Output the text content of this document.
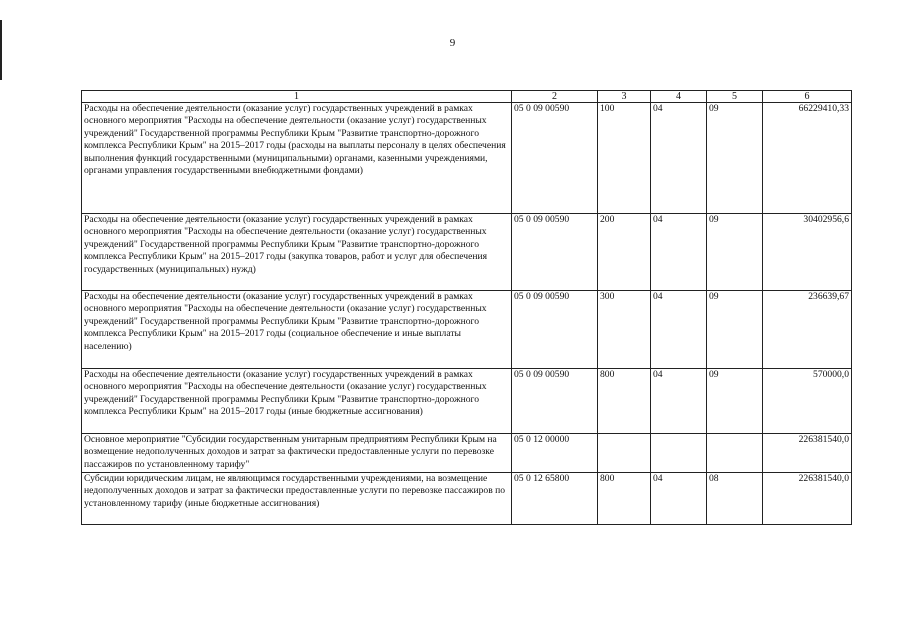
9
1	2	3	4	5	6
Расходы на обеспечение деятельности (оказание услуг) государственных учреждений в рамках основного мероприятия "Расходы на обеспечение деятельности (оказание услуг) государственных учреждений" Государственной программы Республики Крым "Развитие транспортно-дорожного комплекса Республики Крым" на 2015–2017 годы (расходы на выплаты персоналу в целях обеспечения выполнения функций государственными (муниципальными) органами, казенными учреждениями, органами управления государственными внебюджетными фондами)	05 0 09 00590	100	04	09	66229410,33
Расходы на обеспечение деятельности (оказание услуг) государственных учреждений в рамках основного мероприятия "Расходы на обеспечение деятельности (оказание услуг) государственных учреждений" Государственной программы Республики Крым "Развитие транспортно-дорожного комплекса Республики Крым" на 2015–2017 годы (закупка товаров, работ и услуг для обеспечения государственных (муниципальных) нужд)	05 0 09 00590	200	04	09	30402956,6
Расходы на обеспечение деятельности (оказание услуг) государственных учреждений в рамках основного мероприятия "Расходы на обеспечение деятельности (оказание услуг) государственных учреждений" Государственной программы Республики Крым "Развитие транспортно-дорожного комплекса Республики Крым" на 2015–2017 годы (социальное обеспечение и иные выплаты населению)	05 0 09 00590	300	04	09	236639,67
Расходы на обеспечение деятельности (оказание услуг) государственных учреждений в рамках основного мероприятия "Расходы на обеспечение деятельности (оказание услуг) государственных учреждений" Государственной программы Республики Крым "Развитие транспортно-дорожного комплекса Республики Крым" на 2015–2017 годы (иные бюджетные ассигнования)	05 0 09 00590	800	04	09	570000,0
Основное мероприятие "Субсидии государственным унитарным предприятиям Республики Крым на возмещение недополученных доходов и затрат за фактически предоставленные услуги по перевозке пассажиров по установленному тарифу"	05 0 12 00000				226381540,0
Субсидии юридическим лицам, не являющимся государственными учреждениями, на возмещение недополученных доходов и затрат за фактически предоставленные услуги по перевозке пассажиров по установленному тарифу (иные бюджетные ассигнования)	05 0 12 65800	800	04	08	226381540,0
